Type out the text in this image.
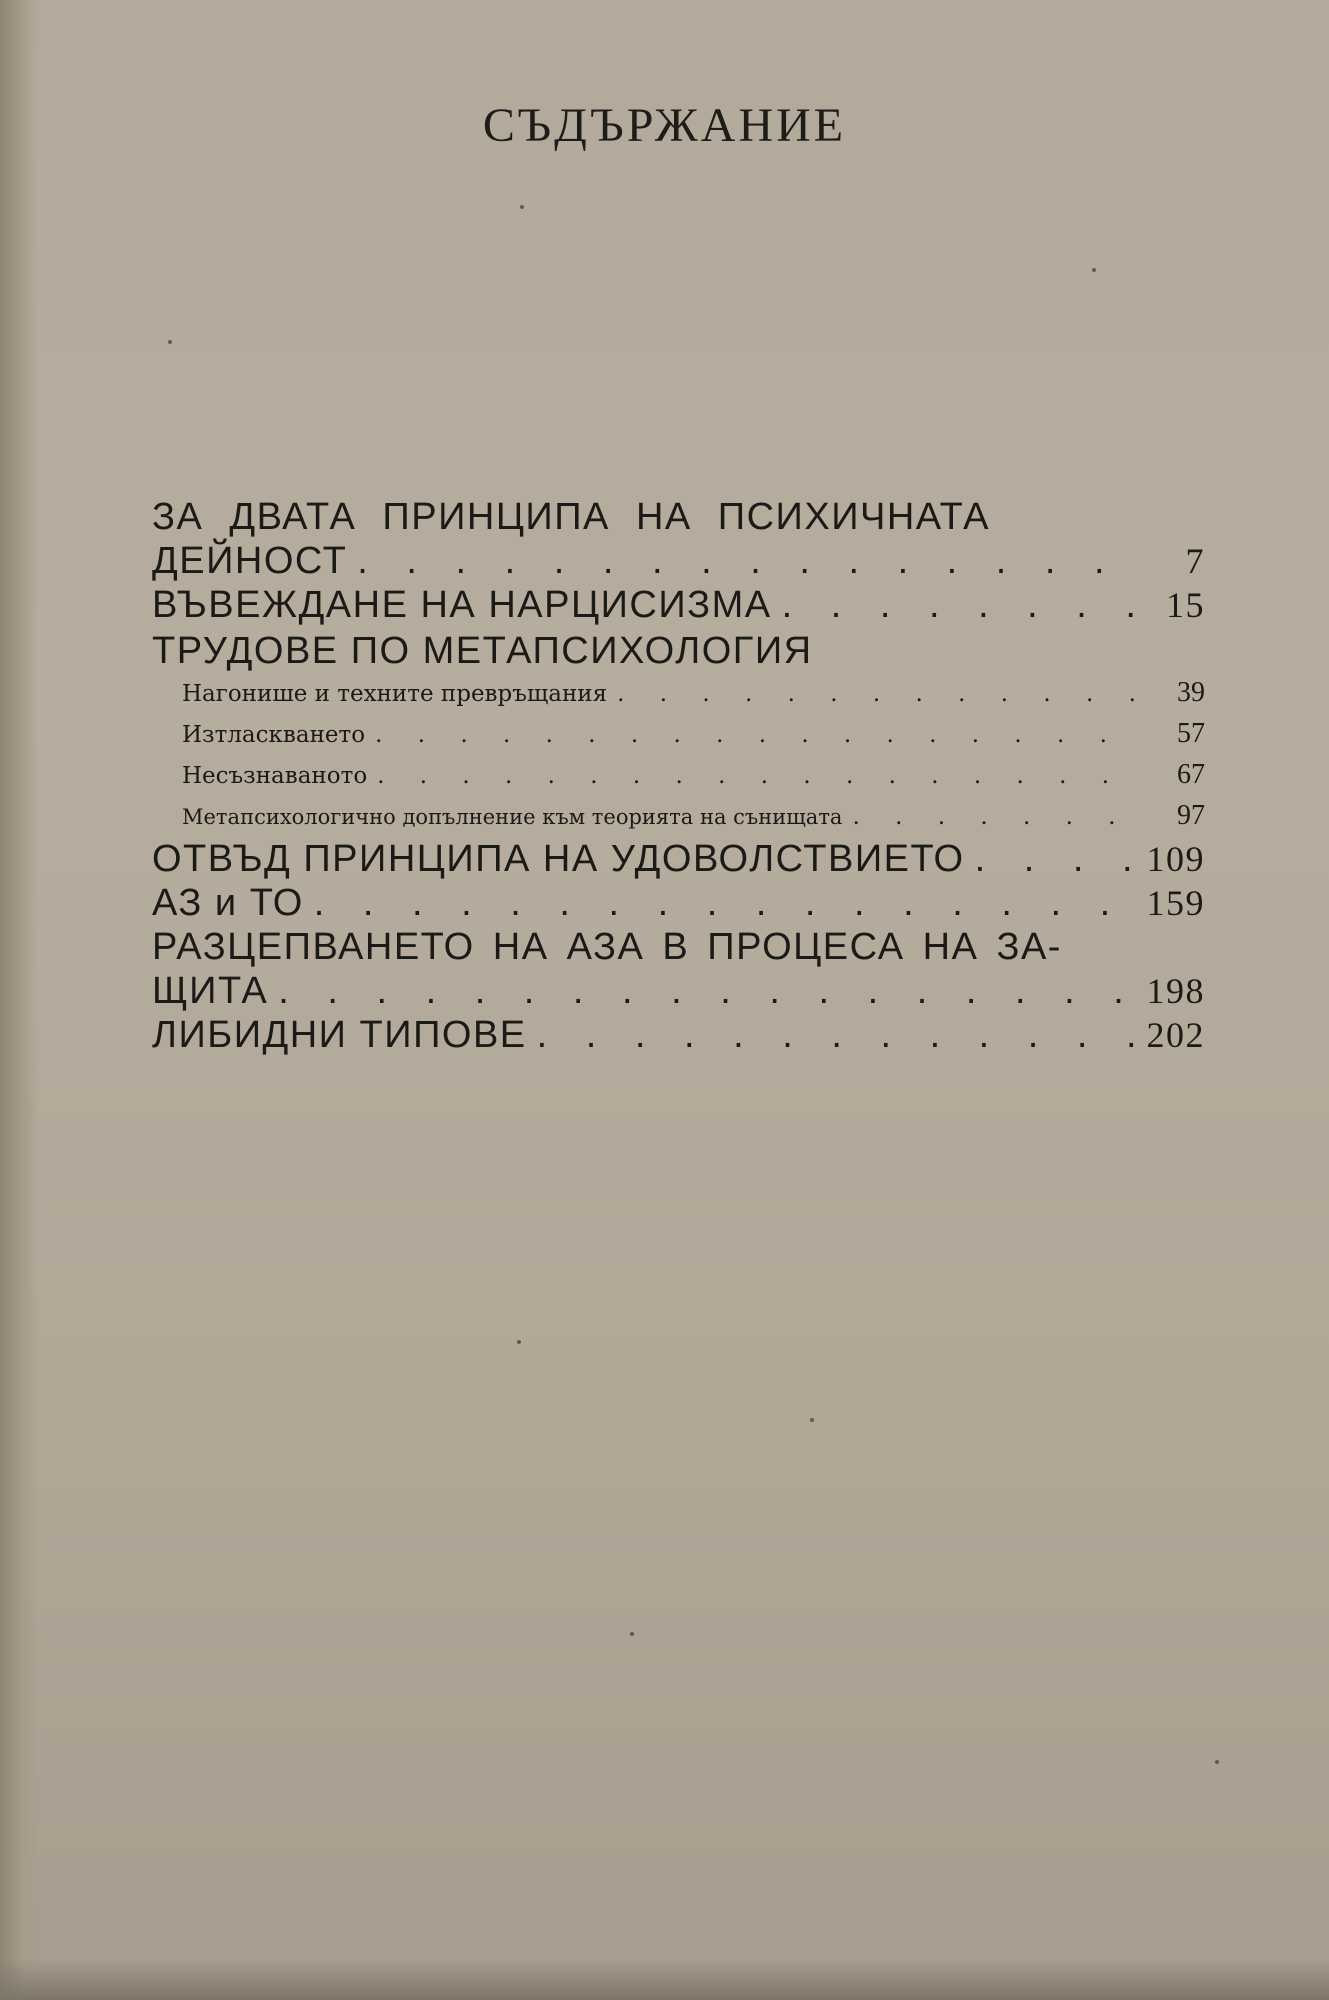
СЪДЪРЖАНИЕ
ЗА ДВАТА ПРИНЦИПА НА ПСИХИЧНАТА
ДЕЙНОСТ . . .	7
ВЪВЕЖДАНЕ НА НАРЦИСИЗМА . . .	15
ТРУДОВЕ ПО МЕТАПСИХОЛОГИЯ
Нагонише и техните превръщания . . .	39
Изтласкването . . .	57
Несъзнаваното . . .	67
Метапсихологично допълнение към теорията на сънищата . . .	97
ОТВЪД ПРИНЦИПА НА УДОВОЛСТВИЕТО . . .	109
АЗ и ТО . . .	159
РАЗЦЕПВАНЕТО НА АЗА В ПРОЦЕСА НА ЗА-
ЩИТА . . .	198
ЛИБИДНИ ТИПОВЕ . . .	202
